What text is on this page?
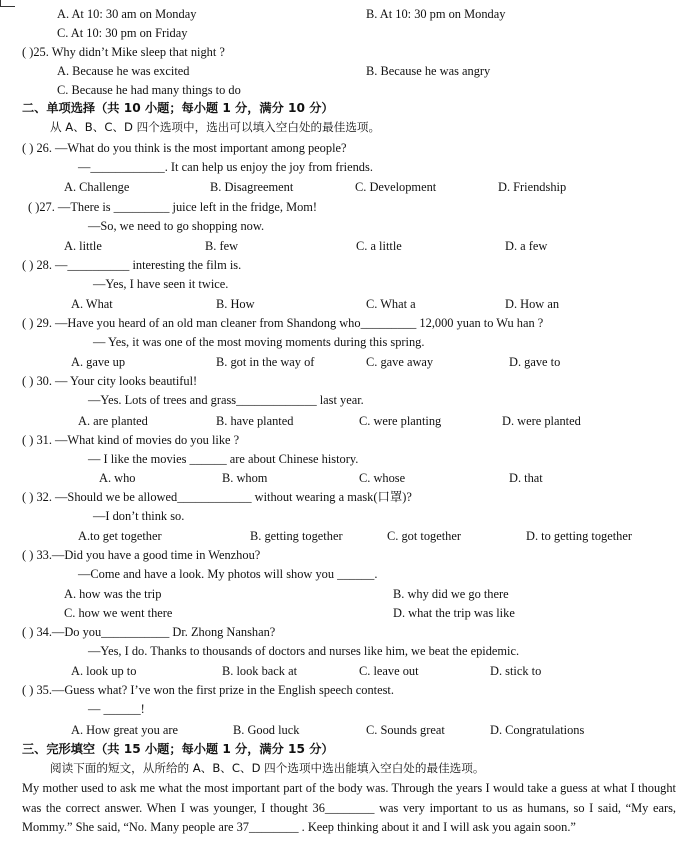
A. At 10: 30 am on Monday	B. At 10: 30 pm on Monday
C. At 10: 30 pm on Friday
( )25. Why didn’t Mike sleep that night ?
A. Because he was excited	B. Because he was angry
C. Because he had many things to do
二、单项选择（共 10 小题；每小题 1 分，满分 10 分）
从 A、B、C、D 四个选项中，选出可以填入空白处的最佳选项。
( ) 26. —What do you think is the most important among people?
—____________. It can help us enjoy the joy from friends.
A. Challenge	B. Disagreement	C. Development	D. Friendship
( )27. —There is _________ juice left in the fridge, Mom!
—So, we need to go shopping now.
A. little	B. few	C. a little	D. a few
( ) 28. —__________ interesting the film is.
—Yes, I have seen it twice.
A. What	B. How	C. What a	D. How an
( ) 29. —Have you heard of an old man cleaner from Shandong who_________ 12,000 yuan to Wu han ?
— Yes, it was one of the most moving moments during this spring.
A. gave up	B. got in the way of	C. gave away	D. gave to
( ) 30. — Your city looks beautiful!
—Yes. Lots of trees and grass_____________ last year.
A. are planted	B. have planted	C. were planting	D. were planted
( ) 31. —What kind of movies do you like ?
— I like the movies ______ are about Chinese history.
A. who	B. whom	C. whose	D. that
( ) 32. —Should we be allowed____________ without wearing a mask(口罩)?
—I don’t think so.
A.to get together	B. getting together	C. got together	D. to getting together
( ) 33.—Did you have a good time in Wenzhou?
—Come and have a look. My photos will show you ______.
A. how was the trip	B. why did we go there
C. how we went there	D. what the trip was like
( ) 34.—Do you___________ Dr. Zhong Nanshan?
—Yes, I do. Thanks to thousands of doctors and nurses like him, we beat the epidemic.
A. look up to	B. look back at	C. leave out	D. stick to
( ) 35.—Guess what? I’ve won the first prize in the English speech contest.
— ______!
A. How great you are	B. Good luck	C. Sounds great	D. Congratulations
三、完形填空（共 15 小题；每小题 1 分，满分 15 分）
阅读下面的短文，从所给的 A、B、C、D 四个选项中选出能填入空白处的最佳选项。
My mother used to ask me what the most important part of the body was. Through the years I would take a guess at what I thought was the correct answer. When I was younger, I thought 36________ was very important to us as humans, so I said, “My ears, Mommy.” She said, “No. Many people are 37________ . Keep thinking about it and I will ask you again soon.”
